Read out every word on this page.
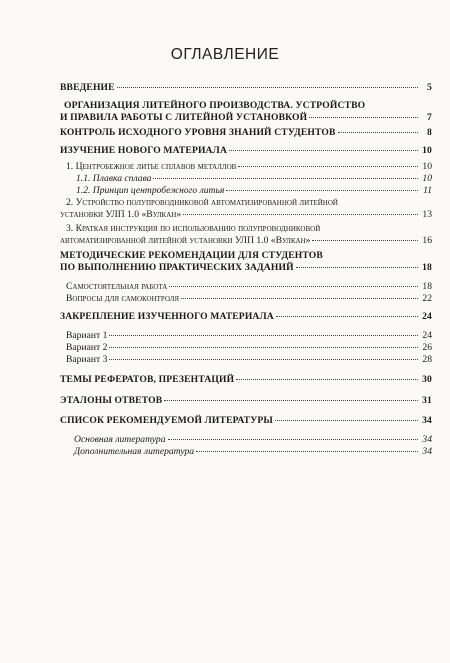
ОГЛАВЛЕНИЕ
ВВЕДЕНИЕ	5
ОРГАНИЗАЦИЯ ЛИТЕЙНОГО ПРОИЗВОДСТВА. УСТРОЙСТВО
И ПРАВИЛА РАБОТЫ С ЛИТЕЙНОЙ УСТАНОВКОЙ	7
КОНТРОЛЬ ИСХОДНОГО УРОВНЯ ЗНАНИЙ СТУДЕНТОВ	8
ИЗУЧЕНИЕ НОВОГО МАТЕРИАЛА	10
1. Центробежное литье сплавов металлов	10
1.1. Плавка сплава	10
1.2. Принцип центробежного литья	11
2. Устройство полупроводниковой автоматизированной литейной
установки УЛП 1.0 «Вулкан»	13
3. Краткая инструкция по использованию полупроводниковой
автоматизированной литейной установки УЛП 1.0 «Вулкан»	16
МЕТОДИЧЕСКИЕ РЕКОМЕНДАЦИИ ДЛЯ СТУДЕНТОВ
ПО ВЫПОЛНЕНИЮ ПРАКТИЧЕСКИХ ЗАДАНИЙ	18
Самостоятельная работа	18
Вопросы для самоконтроля	22
ЗАКРЕПЛЕНИЕ ИЗУЧЕННОГО МАТЕРИАЛА	24
Вариант 1	24
Вариант 2	26
Вариант 3	28
ТЕМЫ РЕФЕРАТОВ, ПРЕЗЕНТАЦИЙ	30
ЭТАЛОНЫ ОТВЕТОВ	31
СПИСОК РЕКОМЕНДУЕМОЙ ЛИТЕРАТУРЫ	34
Основная литература	34
Дополнительная литература	34
